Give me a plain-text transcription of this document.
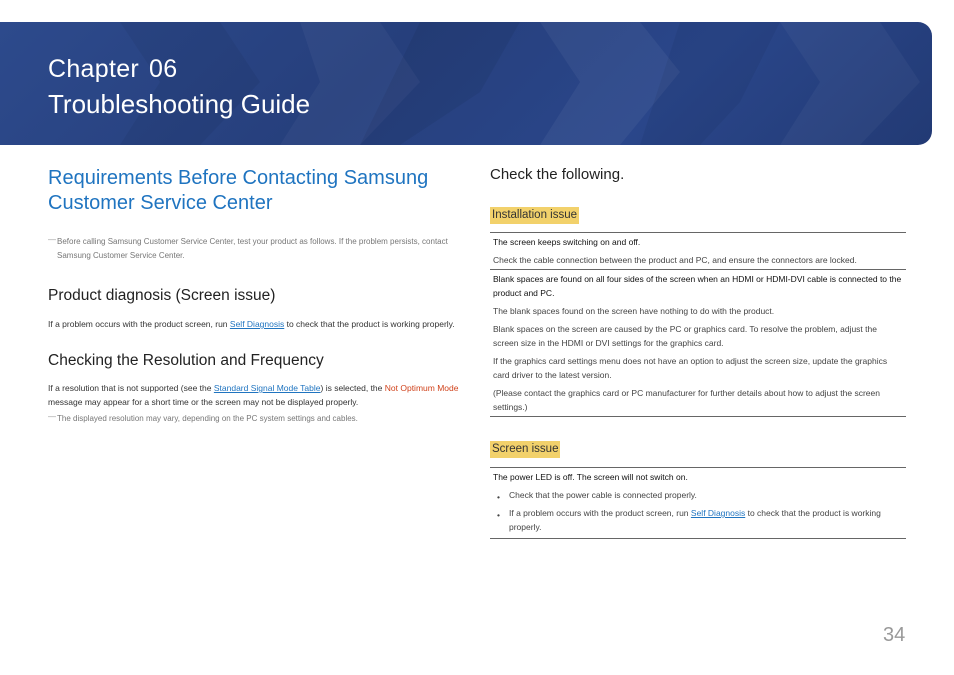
Chapter 06
Troubleshooting Guide
Requirements Before Contacting Samsung
Customer Service Center
― Before calling Samsung Customer Service Center, test your product as follows. If the problem persists, contact Samsung Customer Service Center.
Product diagnosis (Screen issue)
If a problem occurs with the product screen, run Self Diagnosis to check that the product is working properly.
Checking the Resolution and Frequency
If a resolution that is not supported (see the Standard Signal Mode Table) is selected, the Not Optimum Mode message may appear for a short time or the screen may not be displayed properly.
― The displayed resolution may vary, depending on the PC system settings and cables.
Check the following.
Installation issue
The screen keeps switching on and off.
Check the cable connection between the product and PC, and ensure the connectors are locked.
Blank spaces are found on all four sides of the screen when an HDMI or HDMI-DVI cable is connected to the product and PC.
The blank spaces found on the screen have nothing to do with the product.
Blank spaces on the screen are caused by the PC or graphics card. To resolve the problem, adjust the screen size in the HDMI or DVI settings for the graphics card.
If the graphics card settings menu does not have an option to adjust the screen size, update the graphics card driver to the latest version.
(Please contact the graphics card or PC manufacturer for further details about how to adjust the screen settings.)
Screen issue
The power LED is off. The screen will not switch on.

• Check that the power cable is connected properly.

• If a problem occurs with the product screen, run Self Diagnosis to check that the product is working properly.
34
